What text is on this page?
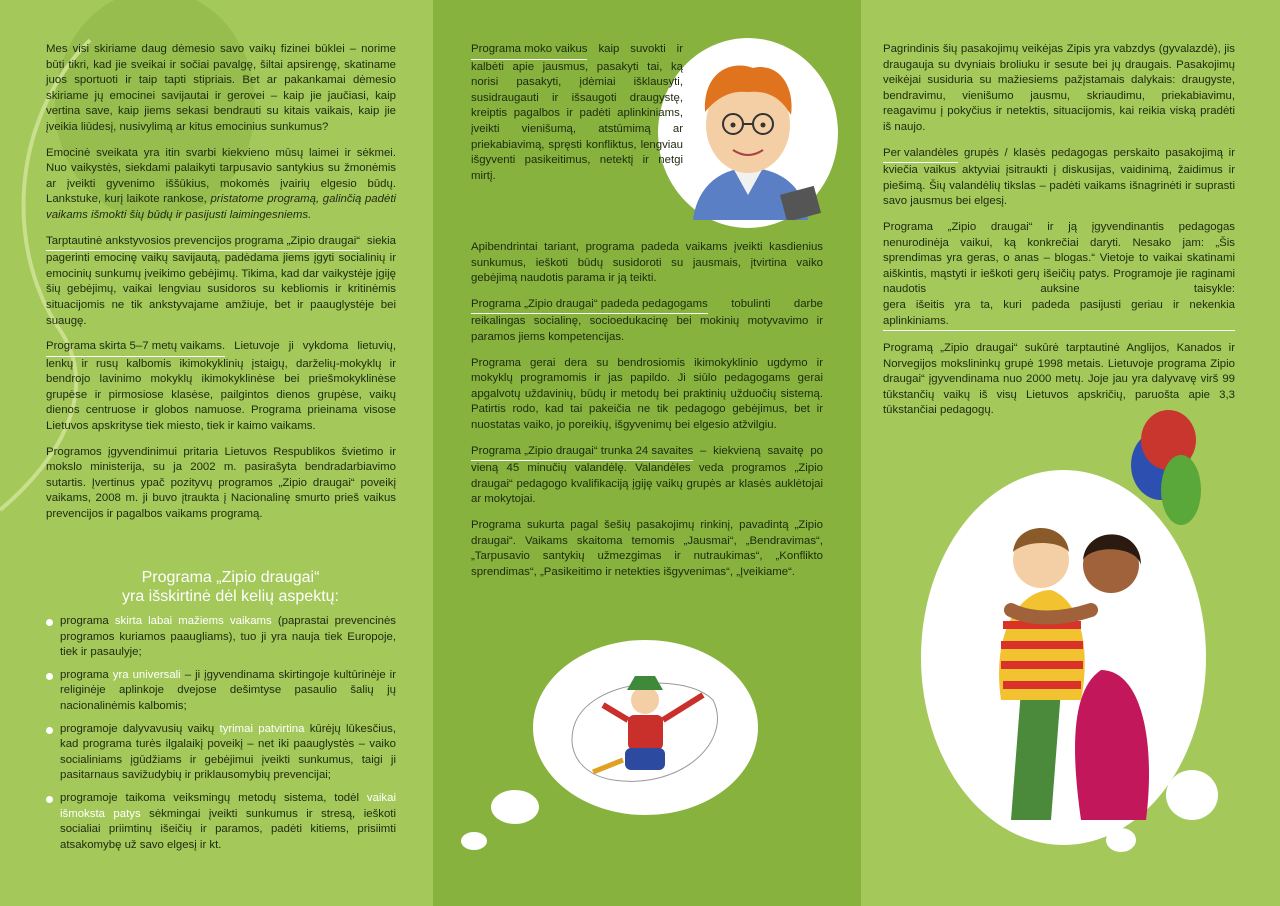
Mes visi skiriame daug dėmesio savo vaikų fizinei būklei – norime būti tikri, kad jie sveikai ir sočiai pavalgę, šiltai apsirengę, skatiname juos sportuoti ir taip tapti stipriais. Bet ar pakankamai dėmesio skiriame jų emocinei savijautai ir gerovei – kaip jie jaučiasi, kaip vertina save, kaip jiems sekasi bendrauti su kitais vaikais, kaip jie įveikia liūdesį, nusivylimą ar kitus emocinius sunkumus?

Emocinė sveikata yra itin svarbi kiekvieno mūsų laimei ir sėkmei. Nuo vaikystės, siekdami palaikyti tarpusavio santykius su žmonėmis ar įveikti gyvenimo iššūkius, mokomės įvairių elgesio būdų. Lankstuke, kurį laikote rankose, pristatome programą, galinčią padėti vaikams išmokti šių būdų ir pasijusti laimingesniems.

Tarptautinė ankstyvosios prevencijos programa „Zipio draugai“ siekia pagerinti emocinę vaikų savijautą, padėdama jiems įgyti socialinių ir emocinių sunkumų įveikimo gebėjimų. Tikima, kad dar vaikystėje įgiję šių gebėjimų, vaikai lengviau susidoros su kebliomis ir kritinėmis situacijomis ne tik ankstyvajame amžiuje, bet ir paauglystėje bei suaugę.

Programa skirta 5–7 metų vaikams. Lietuvoje ji vykdoma lietuvių, lenkų ir rusų kalbomis ikimokyklinių įstaigų, darželių-mokyklų ir bendrojo lavinimo mokyklų ikimokyklinėse bei priešmokyklinėse grupėse ir pirmosiose klasėse, pailgintos dienos grupėse, vaikų dienos centruose ir globos namuose. Programa prieinama visose Lietuvos apskrityse tiek miesto, tiek ir kaimo vaikams.

Programos įgyvendinimui pritaria Lietuvos Respublikos švietimo ir mokslo ministerija, su ja 2002 m. pasirašyta bendradarbiavimo sutartis. Įvertinus ypač pozityvų programos „Zipio draugai“ poveikį vaikams, 2008 m. ji buvo įtraukta į Nacionalinę smurto prieš vaikus prevencijos ir pagalbos vaikams programą.

Programa „Zipio draugai“
yra išskirtinė dėl kelių aspektų:
programa skirta labai mažiems vaikams (paprastai prevencinės programos kuriamos paaugliams), tuo ji yra nauja tiek Europoje, tiek ir pasaulyje;
programa yra universali – ji įgyvendinama skirtingoje kultūrinėje ir religinėje aplinkoje dvejose dešimtyse pasaulio šalių jų nacionalinėmis kalbomis;
programoje dalyvavusių vaikų tyrimai patvirtina kūrėjų lūkesčius, kad programa turės ilgalaikį poveikį – net iki paauglystės – vaiko socialiniams įgūdžiams ir gebėjimui įveikti sunkumus, taigi ji pasitarnaus savižudybių ir priklausomybių prevencijai;
programoje taikoma veiksmingų metodų sistema, todėl vaikai išmoksta patys sėkmingai įveikti sunkumus ir stresą, ieškoti socialiai priimtinų išeičių ir paramos, padėti kitiems, prisiimti atsakomybę už savo elgesį ir kt.

Programa moko vaikus kaip suvokti ir kalbėti apie jausmus, pasakyti tai, ką norisi pasakyti, įdėmiai išklausyti, susidraugauti ir išsaugoti draugystę, kreiptis pagalbos ir padėti aplinkiniams, įveikti vienišumą, atstūmimą ar priekabiavimą, spręsti konfliktus, lengviau išgyventi pasikeitimus, netektį ir netgi mirtį.

Apibendrintai tariant, programa padeda vaikams įveikti kasdienius sunkumus, ieškoti būdų susidoroti su jausmais, įtvirtina vaiko gebėjimą naudotis parama ir ją teikti.

Programa „Zipio draugai“ padeda pedagogams tobulinti darbe reikalingas socialinę, socioedukacinę bei mokinių motyvavimo ir paramos jiems kompetencijas.

Programa gerai dera su bendrosiomis ikimokyklinio ugdymo ir mokyklų programomis ir jas papildo. Ji siūlo pedagogams gerai apgalvotų uždavinių, būdų ir metodų bei praktinių užduočių sistemą. Patirtis rodo, kad tai pakeičia ne tik pedagogo gebėjimus, bet ir nuostatas vaiko, jo poreikių, išgyvenimų bei elgesio atžvilgiu.

Programa „Zipio draugai“ trunka 24 savaites – kiekvieną savaitę po vieną 45 minučių valandėlę. Valandėles veda programos „Zipio draugai“ pedagogo kvalifikaciją įgiję vaikų grupės ar klasės auklėtojai ar mokytojai.

Programa sukurta pagal šešių pasakojimų rinkinį, pavadintą „Zipio draugai“. Vaikams skaitoma temomis „Jausmai“, „Bendravimas“, „Tarpusavio santykių užmezgimas ir nutraukimas“, „Konflikto sprendimas“, „Pasikeitimo ir netekties išgyvenimas“, „Įveikiame“.

Pagrindinis šių pasakojimų veikėjas Zipis yra vabzdys (gyvalazdė), jis draugauja su dvyniais broliuku ir sesute bei jų draugais. Pasakojimų veikėjai susiduria su mažiesiems pažįstamais dalykais: draugyste, bendravimu, vienišumo jausmu, skriaudimu, priekabiavimu, reagavimu į pokyčius ir netektis, situacijomis, kai reikia viską pradėti iš naujo.

Per valandėles grupės / klasės pedagogas perskaito pasakojimą ir kviečia vaikus aktyviai įsitraukti į diskusijas, vaidinimą, žaidimus ir piešimą. Šių valandėlių tikslas – padėti vaikams išnagrinėti ir suprasti savo jausmus bei elgesį.

Programa „Zipio draugai“ ir ją įgyvendinantis pedagogas nenurodinėja vaikui, ką konkrečiai daryti. Nesako jam: „Šis sprendimas yra geras, o anas – blogas.“ Vietoje to vaikai skatinami aiškintis, mąstyti ir ieškoti gerų išeičių patys. Programoje jie raginami naudotis auksine taisykle: gera išeitis yra ta, kuri padeda pasijusti geriau ir nekenkia aplinkiniams.

Programą „Zipio draugai“ sukūrė tarptautinė Anglijos, Kanados ir Norvegijos mokslininkų grupė 1998 metais. Lietuvoje programa Zipio draugai“ įgyvendinama nuo 2000 metų. Joje jau yra dalyvavę virš 99 tūkstančių vaikų iš visų Lietuvos apskričių, paruošta apie 3,3 tūkstančiai pedagogų.
